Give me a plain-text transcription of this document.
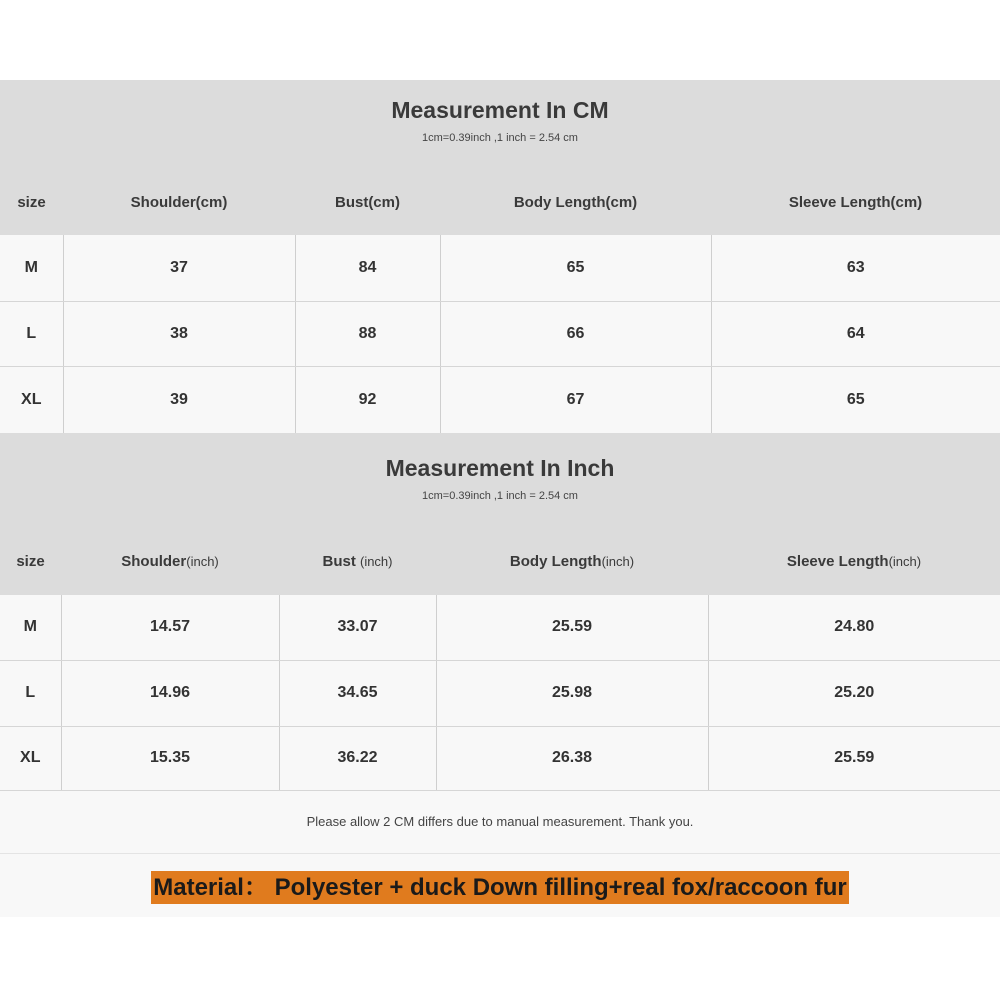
Measurement In CM
1cm=0.39inch ,1 inch = 2.54 cm
size	Shoulder(cm)	Bust(cm)	Body Length(cm)	Sleeve Length(cm)
M	37	84	65	63
L	38	88	66	64
XL	39	92	67	65
Measurement In Inch
1cm=0.39inch ,1 inch = 2.54 cm
size	Shoulder(inch)	Bust (inch)	Body Length(inch)	Sleeve Length(inch)
M	14.57	33.07	25.59	24.80
L	14.96	34.65	25.98	25.20
XL	15.35	36.22	26.38	25.59
Please allow 2 CM differs due to manual measurement. Thank you.
Material： Polyester + duck Down filling+real fox/raccoon fur
